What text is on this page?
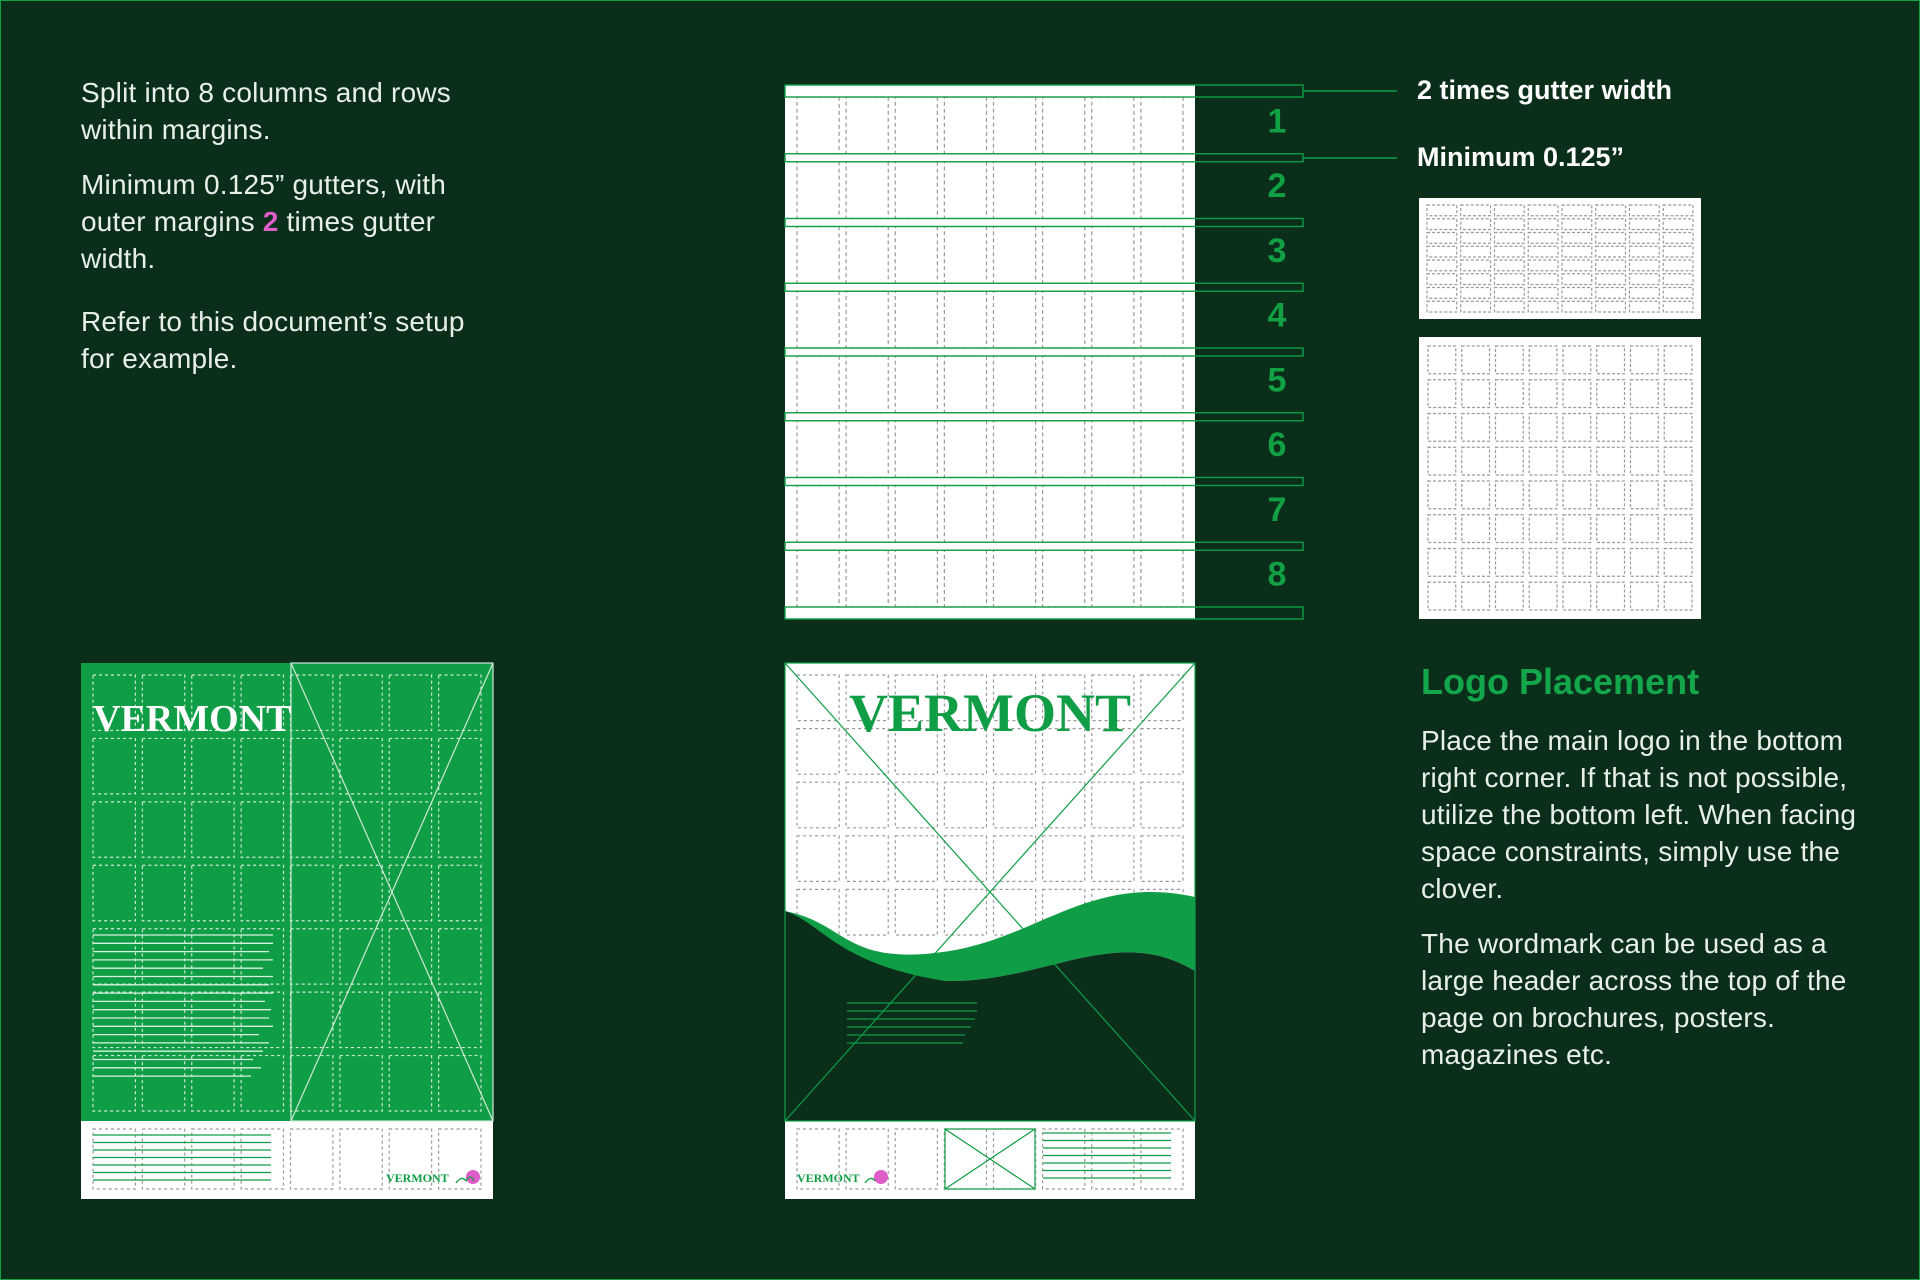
Split into 8 columns and rows within margins.

Minimum 0.125” gutters, with outer margins 2 times gutter width.

Refer to this document’s setup for example.

2 times gutter width
Minimum 0.125”
Logo Placement

Place the main logo in the bottom right corner. If that is not possible, utilize the bottom left. When facing space constraints, simply use the clover.

The wordmark can be used as a large header across the top of the page on brochures, posters. magazines etc.

1
2
3
4
5
6
7
8
VERMONT
VERMONT
VERMONT
VERMONT
